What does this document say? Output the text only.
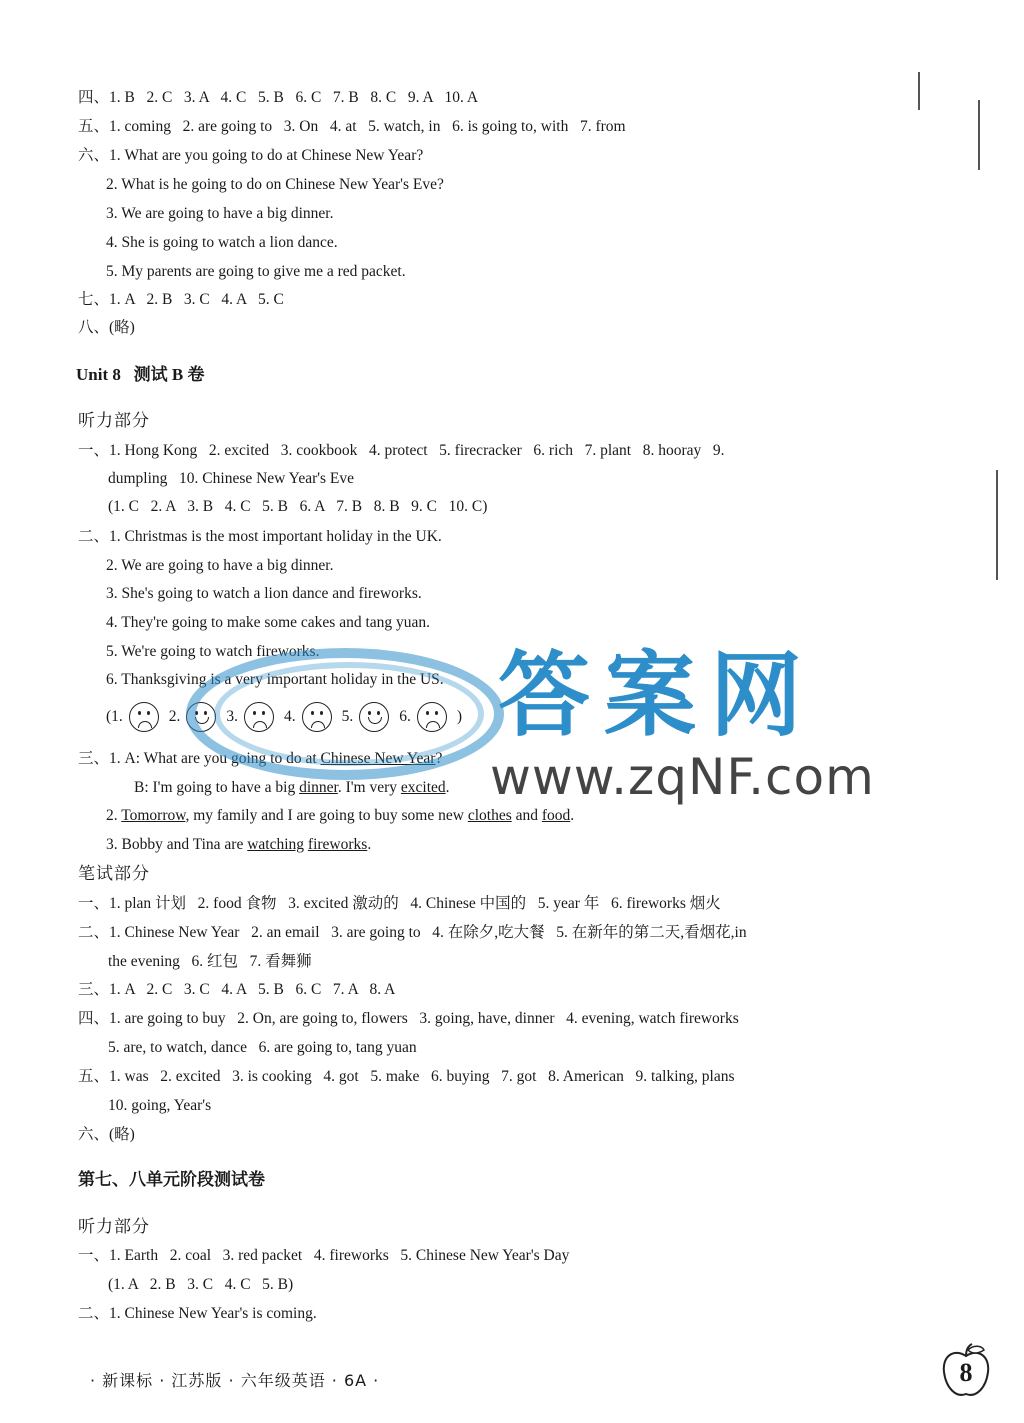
四、1. B   2. C   3. A   4. C   5. B   6. C   7. B   8. C   9. A   10. A
五、1. coming   2. are going to   3. On   4. at   5. watch, in   6. is going to, with   7. from
六、1. What are you going to do at Chinese New Year?
2. What is he going to do on Chinese New Year's Eve?
3. We are going to have a big dinner.
4. She is going to watch a lion dance.
5. My parents are going to give me a red packet.
七、1. A   2. B   3. C   4. A   5. C
八、(略)
Unit 8   测试 B 卷
听力部分
一、1. Hong Kong   2. excited   3. cookbook   4. protect   5. firecracker   6. rich   7. plant   8. hooray   9.
dumpling   10. Chinese New Year's Eve
(1. C   2. A   3. B   4. C   5. B   6. A   7. B   8. B   9. C   10. C)
二、1. Christmas is the most important holiday in the UK.
2. We are going to have a big dinner.
3. She's going to watch a lion dance and fireworks.
4. They're going to make some cakes and tang yuan.
5. We're going to watch fireworks.
6. Thanksgiving is a very important holiday in the US.
( 1.	2.	3.	4.	5.	6.	)
三、1. A: What are you going to do at Chinese New Year?
B: I'm going to have a big dinner. I'm very excited.
2. Tomorrow, my family and I are going to buy some new clothes and food.
3. Bobby and Tina are watching fireworks.
笔试部分
一、1. plan 计划   2. food 食物   3. excited 激动的   4. Chinese 中国的   5. year 年   6. fireworks 烟火
二、1. Chinese New Year   2. an email   3. are going to   4. 在除夕,吃大餐   5. 在新年的第二天,看烟花,in
the evening   6. 红包   7. 看舞狮
三、1. A   2. C   3. C   4. A   5. B   6. C   7. A   8. A
四、1. are going to buy   2. On, are going to, flowers   3. going, have, dinner   4. evening, watch fireworks
5. are, to watch, dance   6. are going to, tang yuan
五、1. was   2. excited   3. is cooking   4. got   5. make   6. buying   7. got   8. American   9. talking, plans
10. going, Year's
六、(略)
第七、八单元阶段测试卷
听力部分
一、1. Earth   2. coal   3. red packet   4. fireworks   5. Chinese New Year's Day
(1. A   2. B   3. C   4. C   5. B)
二、1. Chinese New Year's is coming.
答案网
www.zqNF.com
· 新课标 · 江苏版 · 六年级英语 · 6A ·	8
